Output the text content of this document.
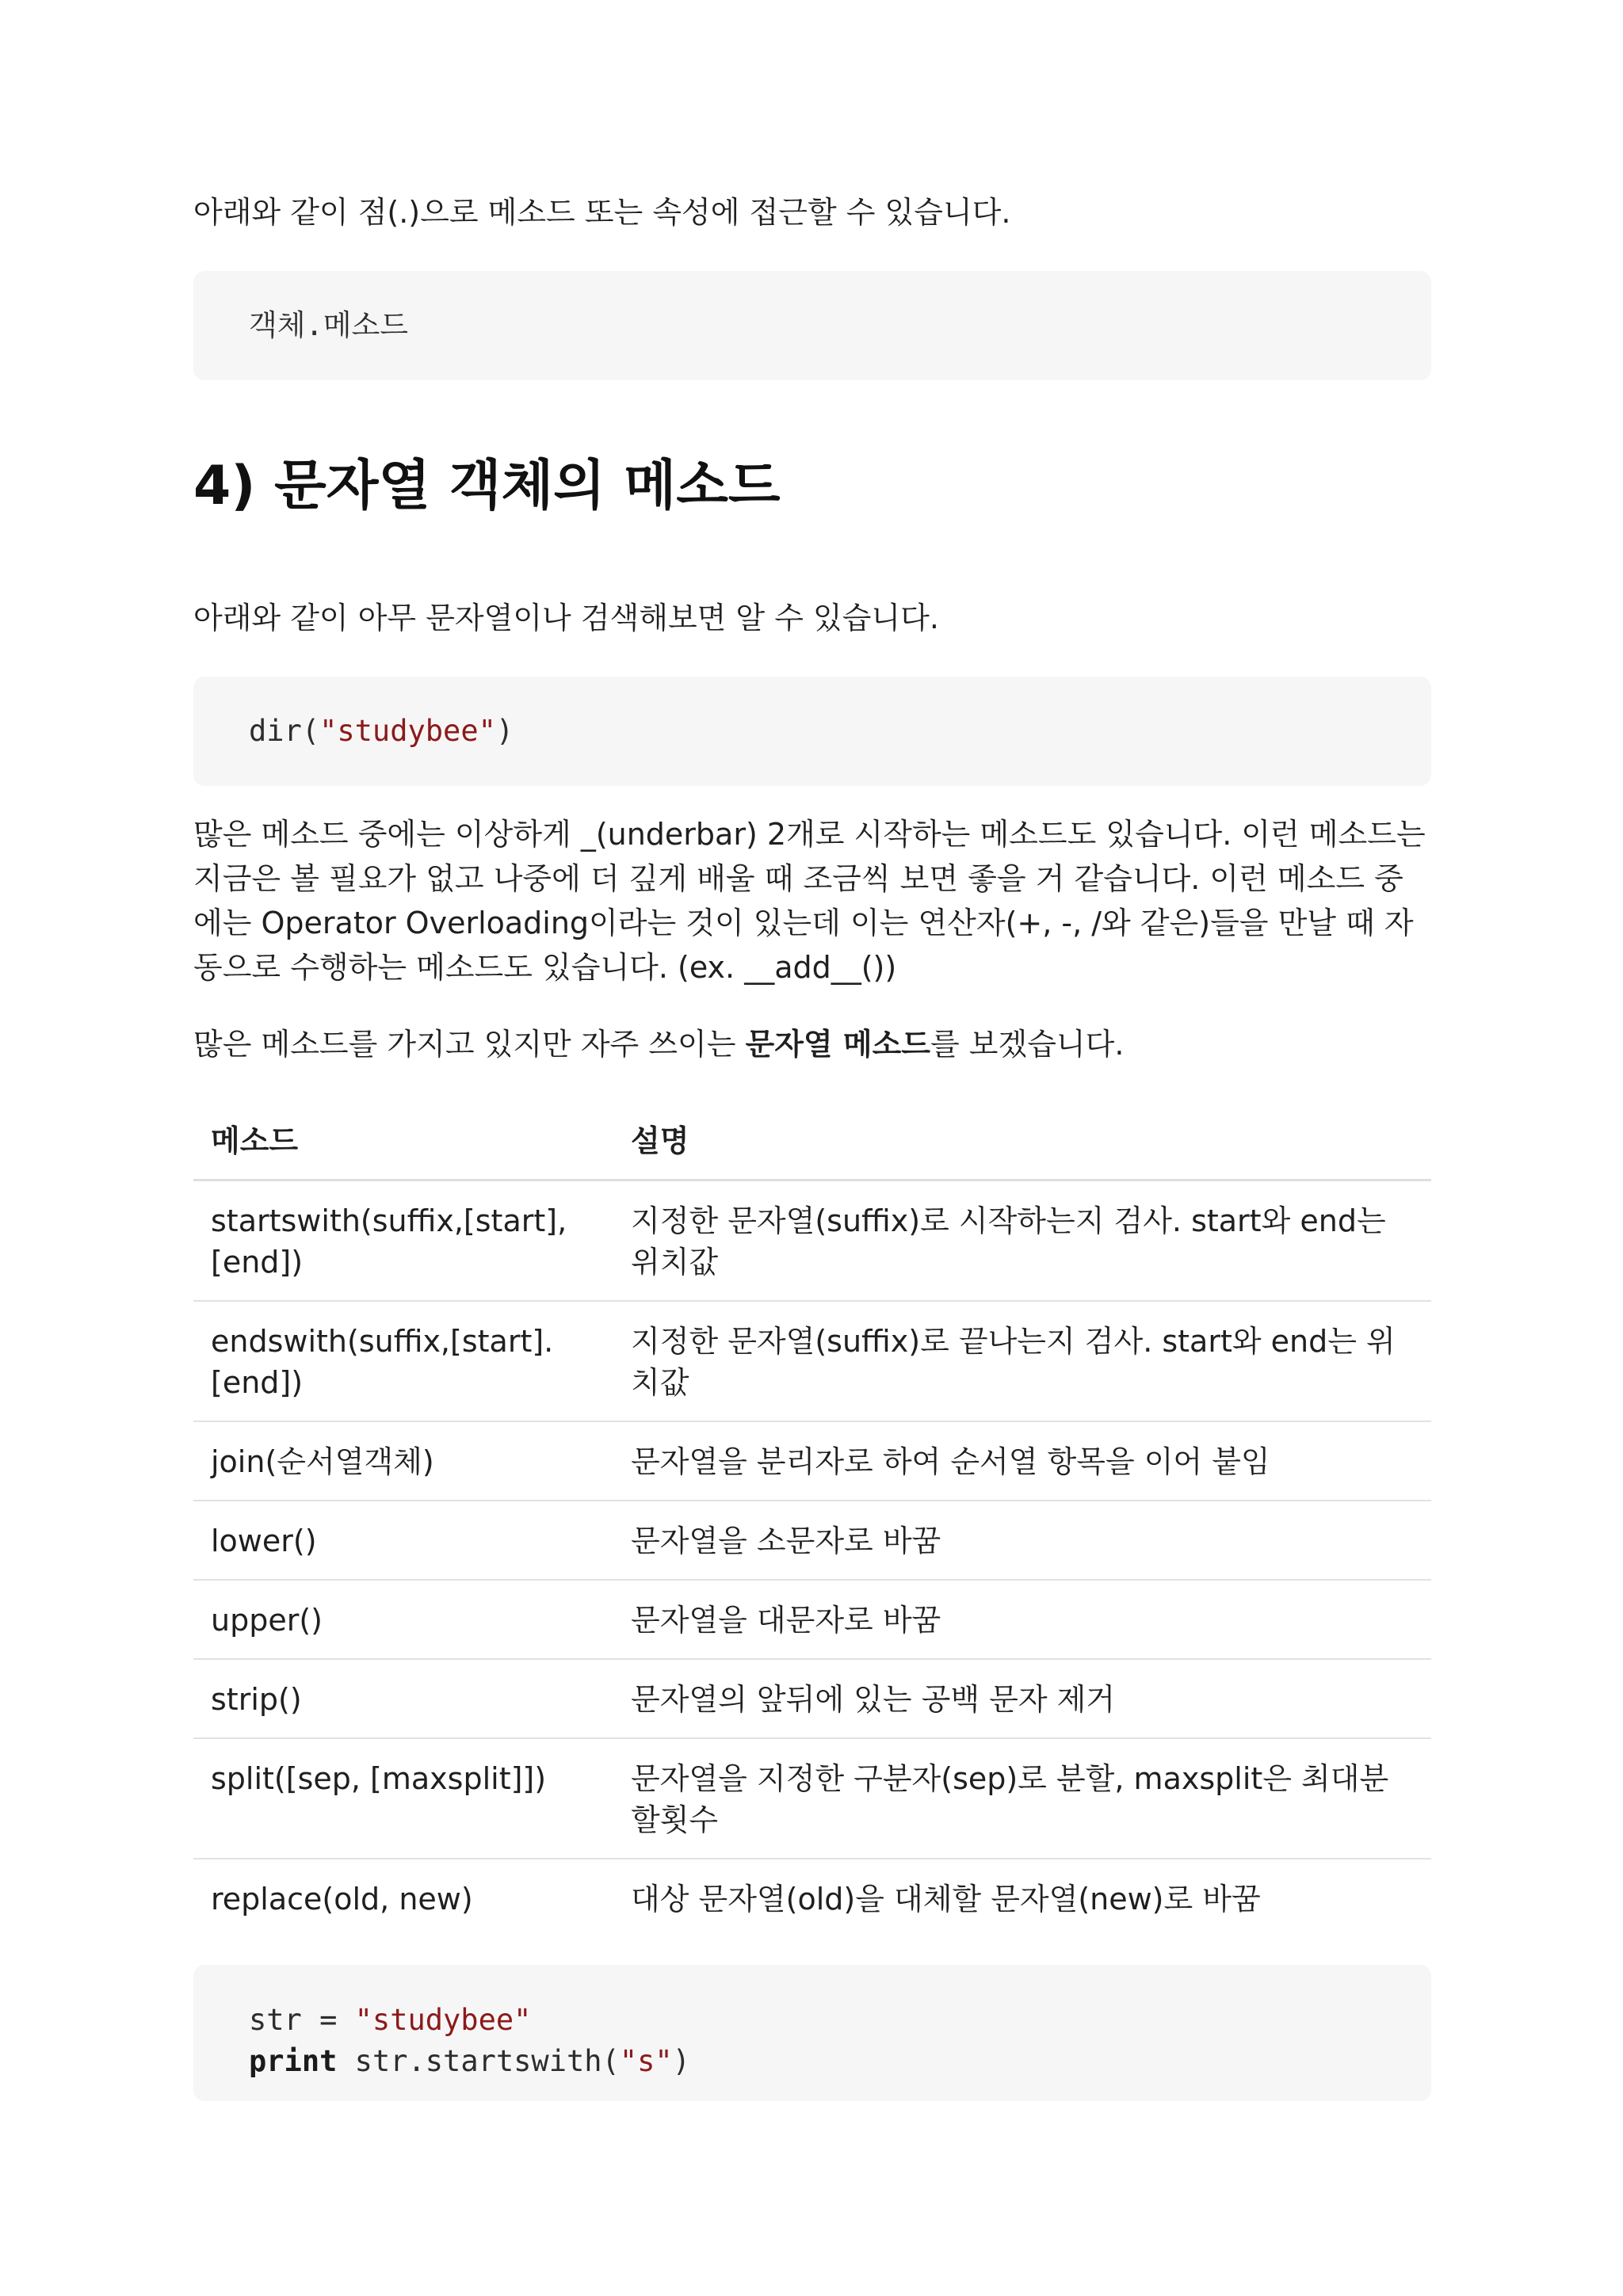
아래와 같이 점(.)으로 메소드 또는 속성에 접근할 수 있습니다.

객체.메소드
4) 문자열 객체의 메소드

아래와 같이 아무 문자열이나 검색해보면 알 수 있습니다.

dir("studybee")

많은 메소드 중에는 이상하게 _(underbar) 2개로 시작하는 메소드도 있습니다. 이런 메소드는 지금은 볼 필요가 없고 나중에 더 깊게 배울 때 조금씩 보면 좋을 거 같습니다. 이런 메소드 중에는 Operator Overloading이라는 것이 있는데 이는 연산자(+, -, /와 같은)들을 만날 때 자동으로 수행하는 메소드도 있습니다. (ex. __add__())

많은 메소드를 가지고 있지만 자주 쓰이는 문자열 메소드를 보겠습니다.

메소드	설명
startswith(suffix,[start],[end])	지정한 문자열(suffix)로 시작하는지 검사. start와 end는 위치값
endswith(suffix,[start].[end])	지정한 문자열(suffix)로 끝나는지 검사. start와 end는 위치값
join(순서열객체)	문자열을 분리자로 하여 순서열 항목을 이어 붙임
lower()	문자열을 소문자로 바꿈
upper()	문자열을 대문자로 바꿈
strip()	문자열의 앞뒤에 있는 공백 문자 제거
split([sep, [maxsplit]])	문자열을 지정한 구분자(sep)로 분할, maxsplit은 최대분할횟수
replace(old, new)	대상 문자열(old)을 대체할 문자열(new)로 바꿈
str = "studybee"
print str.startswith("s")
